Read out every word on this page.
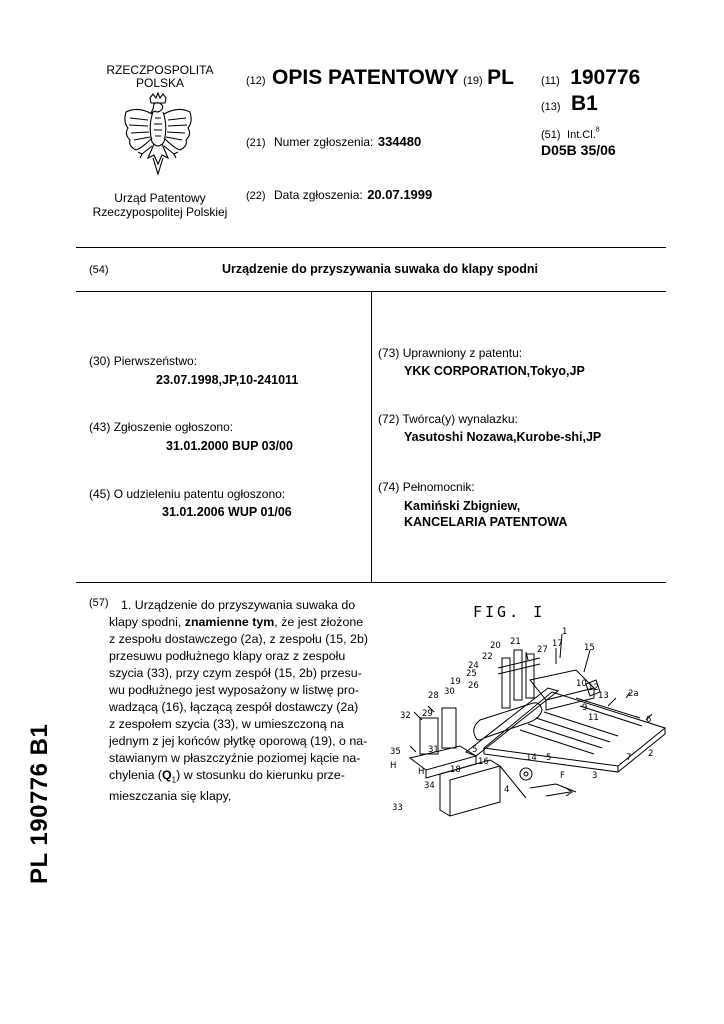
RZECZPOSPOLITA
POLSKA
Urząd Patentowy
Rzeczypospolitej Polskiej
(12) OPIS PATENTOWY (19) PL (11) 190776
(13) B1
(21) Numer zgłoszenia: 334480	(51) Int.Cl.$^8$
D05B 35/06
(22) Data zgłoszenia: 20.07.1999
(54)	Urządzenie do przyszywania suwaka do klapy spodni
(30) Pierwszeństwo:
23.07.1998,JP,10-241011
(43) Zgłoszenie ogłoszono:
31.01.2000 BUP 03/00
(45) O udzieleniu patentu ogłoszono:
31.01.2006 WUP 01/06
(73) Uprawniony z patentu:
YKK CORPORATION,Tokyo,JP
(72) Twórca(y) wynalazku:
Yasutoshi Nozawa,Kurobe-shi,JP
(74) Pełnomocnik:
Kamiński Zbigniew,
KANCELARIA PATENTOWA
(57)	1. Urządzenie do przyszywania suwaka do
klapy spodni, znamienne tym, że jest złożone
z zespołu dostawczego (2a), z zespołu (15, 2b)
przesuwu podłużnego klapy oraz z zespołu
szycia (33), przy czym zespół (15, 2b) przesu-
wu podłużnego jest wyposażony w listwę pro-
wadzącą (16), łączącą zespół dostawczy (2a)
z zespołem szycia (33), w umieszczoną na
jednym z jej końców płytkę oporową (19), o na-
stawianym w płaszczyźnie poziomej kącie na-
chylenia $(Q_1)$ w stosunku do kierunku prze-
mieszczania się klapy,
FIG. I
1
15
17
27
20 21
22
24
25
26
19
30
28
10 12
13 2a
9
11	6
2
7
3
F
5
14
16
4
18
32 29
31
35
34
H
H
33
5
PL 190776 B1
